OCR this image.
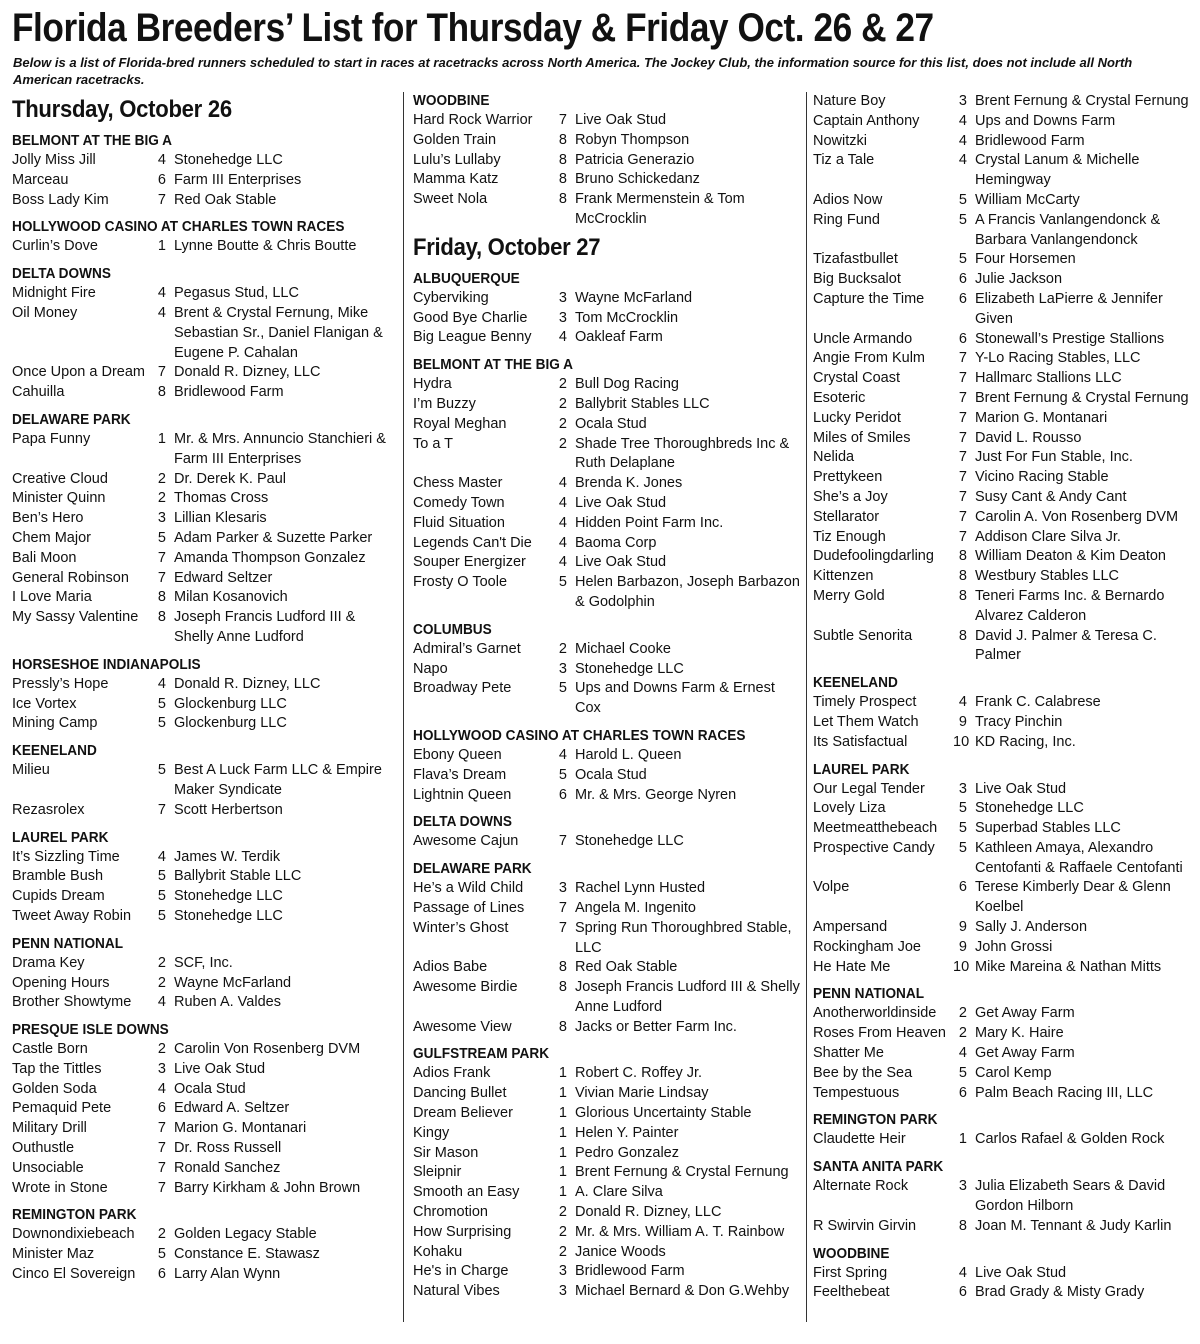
Florida Breeders’ List for Thursday & Friday Oct. 26 & 27
Below is a list of Florida-bred runners scheduled to start in races at racetracks across North America. The Jockey Club, the information source for this list, does not include all North American racetracks.
Thursday, October 26
BELMONT AT THE BIG A
Jolly Miss Jill	4 Stonehedge LLC
Marceau	6 Farm III Enterprises
Boss Lady Kim	7 Red Oak Stable
HOLLYWOOD CASINO AT CHARLES TOWN RACES
Curlin’s Dove	1 Lynne Boutte & Chris Boutte
DELTA DOWNS
Midnight Fire	4 Pegasus Stud, LLC
Oil Money	4 Brent & Crystal Fernung, Mike Sebastian Sr., Daniel Flanigan & Eugene P. Cahalan
Once Upon a Dream 7 Donald R. Dizney, LLC
Cahuilla	8 Bridlewood Farm
DELAWARE PARK
Papa Funny	1 Mr. & Mrs. Annuncio Stanchieri & Farm III Enterprises
Creative Cloud	2 Dr. Derek K. Paul
Minister Quinn	2 Thomas Cross
Ben’s Hero	3 Lillian Klesaris
Chem Major	5 Adam Parker & Suzette Parker
Bali Moon	7 Amanda Thompson Gonzalez
General Robinson	7 Edward Seltzer
I Love Maria	8 Milan Kosanovich
My Sassy Valentine	8 Joseph Francis Ludford III & Shelly Anne Ludford
HORSESHOE INDIANAPOLIS
Pressly’s Hope	4 Donald R. Dizney, LLC
Ice Vortex	5 Glockenburg LLC
Mining Camp	5 Glockenburg LLC
KEENELAND
Milieu	5 Best A Luck Farm LLC & Empire Maker Syndicate
Rezasrolex	7 Scott Herbertson
LAUREL PARK
It’s Sizzling Time	4 James W. Terdik
Bramble Bush	5 Ballybrit Stable LLC
Cupids Dream	5 Stonehedge LLC
Tweet Away Robin	5 Stonehedge LLC
PENN NATIONAL
Drama Key	2 SCF, Inc.
Opening Hours	2 Wayne McFarland
Brother Showtyme	4 Ruben A. Valdes
PRESQUE ISLE DOWNS
Castle Born	2 Carolin Von Rosenberg DVM
Tap the Tittles	3 Live Oak Stud
Golden Soda	4 Ocala Stud
Pemaquid Pete	6 Edward A. Seltzer
Military Drill	7 Marion G. Montanari
Outhustle	7 Dr. Ross Russell
Unsociable	7 Ronald Sanchez
Wrote in Stone	7 Barry Kirkham & John Brown
REMINGTON PARK
Downondixiebeach	2 Golden Legacy Stable
Minister Maz	5 Constance E. Stawasz
Cinco El Sovereign	6 Larry Alan Wynn
WOODBINE
Hard Rock Warrior	7 Live Oak Stud
Golden Train	8 Robyn Thompson
Lulu’s Lullaby	8 Patricia Generazio
Mamma Katz	8 Bruno Schickedanz
Sweet Nola	8 Frank Mermenstein & Tom McCrocklin
Friday, October 27
ALBUQUERQUE
Cyberviking	3 Wayne McFarland
Good Bye Charlie	3 Tom McCrocklin
Big League Benny	4 Oakleaf Farm
BELMONT AT THE BIG A
Hydra	2 Bull Dog Racing
I’m Buzzy	2 Ballybrit Stables LLC
Royal Meghan	2 Ocala Stud
To a T	2 Shade Tree Thoroughbreds Inc & Ruth Delaplane
Chess Master	4 Brenda K. Jones
Comedy Town	4 Live Oak Stud
Fluid Situation	4 Hidden Point Farm Inc.
Legends Can't Die	4 Baoma Corp
Souper Energizer	4 Live Oak Stud
Frosty O Toole	5 Helen Barbazon, Joseph Barbazon & Godolphin
COLUMBUS
Admiral’s Garnet	2 Michael Cooke
Napo	3 Stonehedge LLC
Broadway Pete	5 Ups and Downs Farm & Ernest Cox
HOLLYWOOD CASINO AT CHARLES TOWN RACES
Ebony Queen	4 Harold L. Queen
Flava’s Dream	5 Ocala Stud
Lightnin Queen	6 Mr. & Mrs. George Nyren
DELTA DOWNS
Awesome Cajun	7 Stonehedge LLC
DELAWARE PARK
He’s a Wild Child	3 Rachel Lynn Husted
Passage of Lines	7 Angela M. Ingenito
Winter’s Ghost	7 Spring Run Thoroughbred Stable, LLC
Adios Babe	8 Red Oak Stable
Awesome Birdie	8 Joseph Francis Ludford III & Shelly Anne Ludford
Awesome View	8 Jacks or Better Farm Inc.
GULFSTREAM PARK
Adios Frank	1 Robert C. Roffey Jr.
Dancing Bullet	1 Vivian Marie Lindsay
Dream Believer	1 Glorious Uncertainty Stable
Kingy	1 Helen Y. Painter
Sir Mason	1 Pedro Gonzalez
Sleipnir	1 Brent Fernung & Crystal Fernung
Smooth an Easy	1 A. Clare Silva
Chromotion	2 Donald R. Dizney, LLC
How Surprising	2 Mr. & Mrs. William A. T. Rainbow
Kohaku	2 Janice Woods
He's in Charge	3 Bridlewood Farm
Natural Vibes	3 Michael Bernard & Don G.Wehby
Nature Boy	3 Brent Fernung & Crystal Fernung
Captain Anthony	4 Ups and Downs Farm
Nowitzki	4 Bridlewood Farm
Tiz a Tale	4 Crystal Lanum & Michelle Hemingway
Adios Now	5 William McCarty
Ring Fund	5 A Francis Vanlangendonck & Barbara Vanlangendonck
Tizafastbullet	5 Four Horsemen
Big Bucksalot	6 Julie Jackson
Capture the Time	6 Elizabeth LaPierre & Jennifer Given
Uncle Armando	6 Stonewall’s Prestige Stallions
Angie From Kulm	7 Y-Lo Racing Stables, LLC
Crystal Coast	7 Hallmarc Stallions LLC
Esoteric	7 Brent Fernung & Crystal Fernung
Lucky Peridot	7 Marion G. Montanari
Miles of Smiles	7 David L. Rousso
Nelida	7 Just For Fun Stable, Inc.
Prettykeen	7 Vicino Racing Stable
She’s a Joy	7 Susy Cant & Andy Cant
Stellarator	7 Carolin A. Von Rosenberg DVM
Tiz Enough	7 Addison Clare Silva Jr.
Dudefoolingdarling	8 William Deaton & Kim Deaton
Kittenzen	8 Westbury Stables LLC
Merry Gold	8 Teneri Farms Inc. & Bernardo Alvarez Calderon
Subtle Senorita	8 David J. Palmer & Teresa C. Palmer
KEENELAND
Timely Prospect	4 Frank C. Calabrese
Let Them Watch	9 Tracy Pinchin
Its Satisfactual	10 KD Racing, Inc.
LAUREL PARK
Our Legal Tender	3 Live Oak Stud
Lovely Liza	5 Stonehedge LLC
Meetmeatthebeach	5 Superbad Stables LLC
Prospective Candy	5 Kathleen Amaya, Alexandro Centofanti & Raffaele Centofanti
Volpe	6 Terese Kimberly Dear & Glenn Koelbel
Ampersand	9 Sally J. Anderson
Rockingham Joe	9 John Grossi
He Hate Me	10 Mike Mareina & Nathan Mitts
PENN NATIONAL
Anotherworldinside	2 Get Away Farm
Roses From Heaven 2 Mary K. Haire
Shatter Me	4 Get Away Farm
Bee by the Sea	5 Carol Kemp
Tempestuous	6 Palm Beach Racing III, LLC
REMINGTON PARK
Claudette Heir	1 Carlos Rafael & Golden Rock
SANTA ANITA PARK
Alternate Rock	3 Julia Elizabeth Sears & David Gordon Hilborn
R Swirvin Girvin	8 Joan M. Tennant & Judy Karlin
WOODBINE
First Spring	4 Live Oak Stud
Feelthebeat	6 Brad Grady & Misty Grady
